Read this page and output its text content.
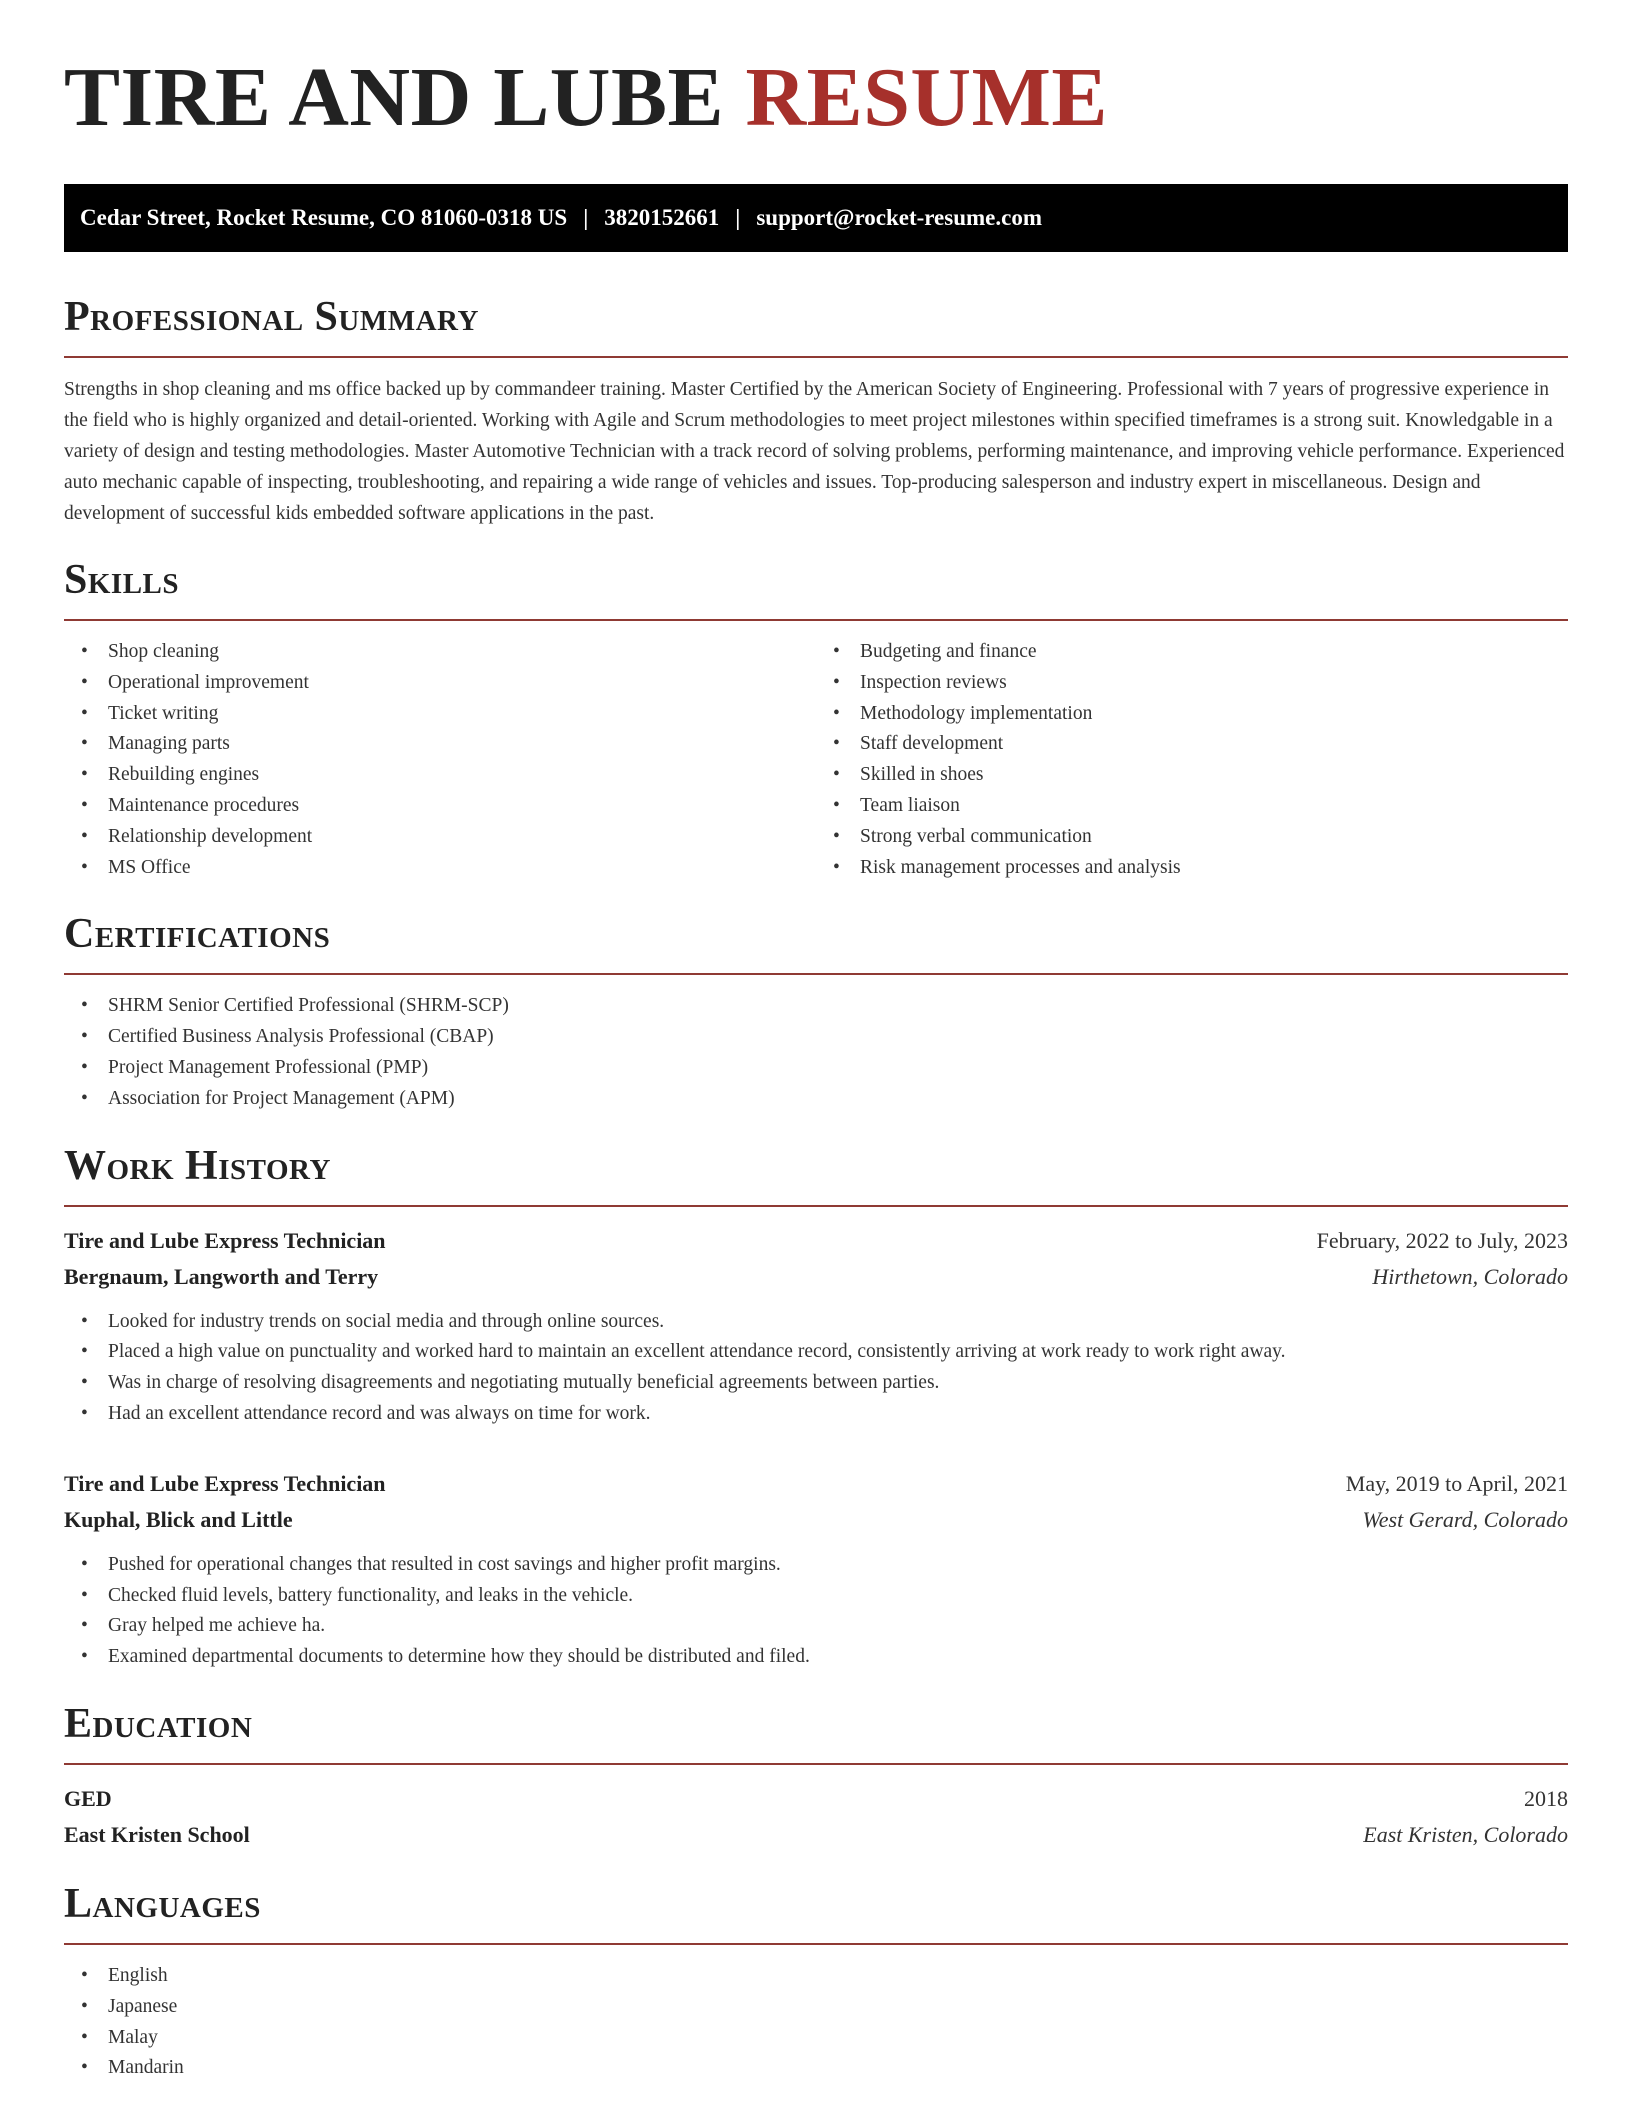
TIRE AND LUBE RESUME
Cedar Street, Rocket Resume, CO 81060-0318 US | 3820152661 | support@rocket-resume.com
Professional Summary

Strengths in shop cleaning and ms office backed up by commandeer training. Master Certified by the American Society of Engineering. Professional with 7 years of progressive experience in the field who is highly organized and detail-oriented. Working with Agile and Scrum methodologies to meet project milestones within specified timeframes is a strong suit. Knowledgable in a variety of design and testing methodologies. Master Automotive Technician with a track record of solving problems, performing maintenance, and improving vehicle performance. Experienced auto mechanic capable of inspecting, troubleshooting, and repairing a wide range of vehicles and issues. Top-producing salesperson and industry expert in miscellaneous. Design and development of successful kids embedded software applications in the past.

Skills
• Shop cleaning
• Operational improvement
• Ticket writing
• Managing parts
• Rebuilding engines
• Maintenance procedures
• Relationship development
• MS Office
• Budgeting and finance
• Inspection reviews
• Methodology implementation
• Staff development
• Skilled in shoes
• Team liaison
• Strong verbal communication
• Risk management processes and analysis
Certifications
• SHRM Senior Certified Professional (SHRM-SCP)
• Certified Business Analysis Professional (CBAP)
• Project Management Professional (PMP)
• Association for Project Management (APM)
Work History
Tire and Lube Express Technician	February, 2022 to July, 2023
Bergnaum, Langworth and Terry	Hirthetown, Colorado
• Looked for industry trends on social media and through online sources.
• Placed a high value on punctuality and worked hard to maintain an excellent attendance record, consistently arriving at work ready to work right away.
• Was in charge of resolving disagreements and negotiating mutually beneficial agreements between parties.
• Had an excellent attendance record and was always on time for work.
Tire and Lube Express Technician	May, 2019 to April, 2021
Kuphal, Blick and Little	West Gerard, Colorado
• Pushed for operational changes that resulted in cost savings and higher profit margins.
• Checked fluid levels, battery functionality, and leaks in the vehicle.
• Gray helped me achieve ha.
• Examined departmental documents to determine how they should be distributed and filed.
Education
GED	2018
East Kristen School	East Kristen, Colorado
Languages
• English
• Japanese
• Malay
• Mandarin
